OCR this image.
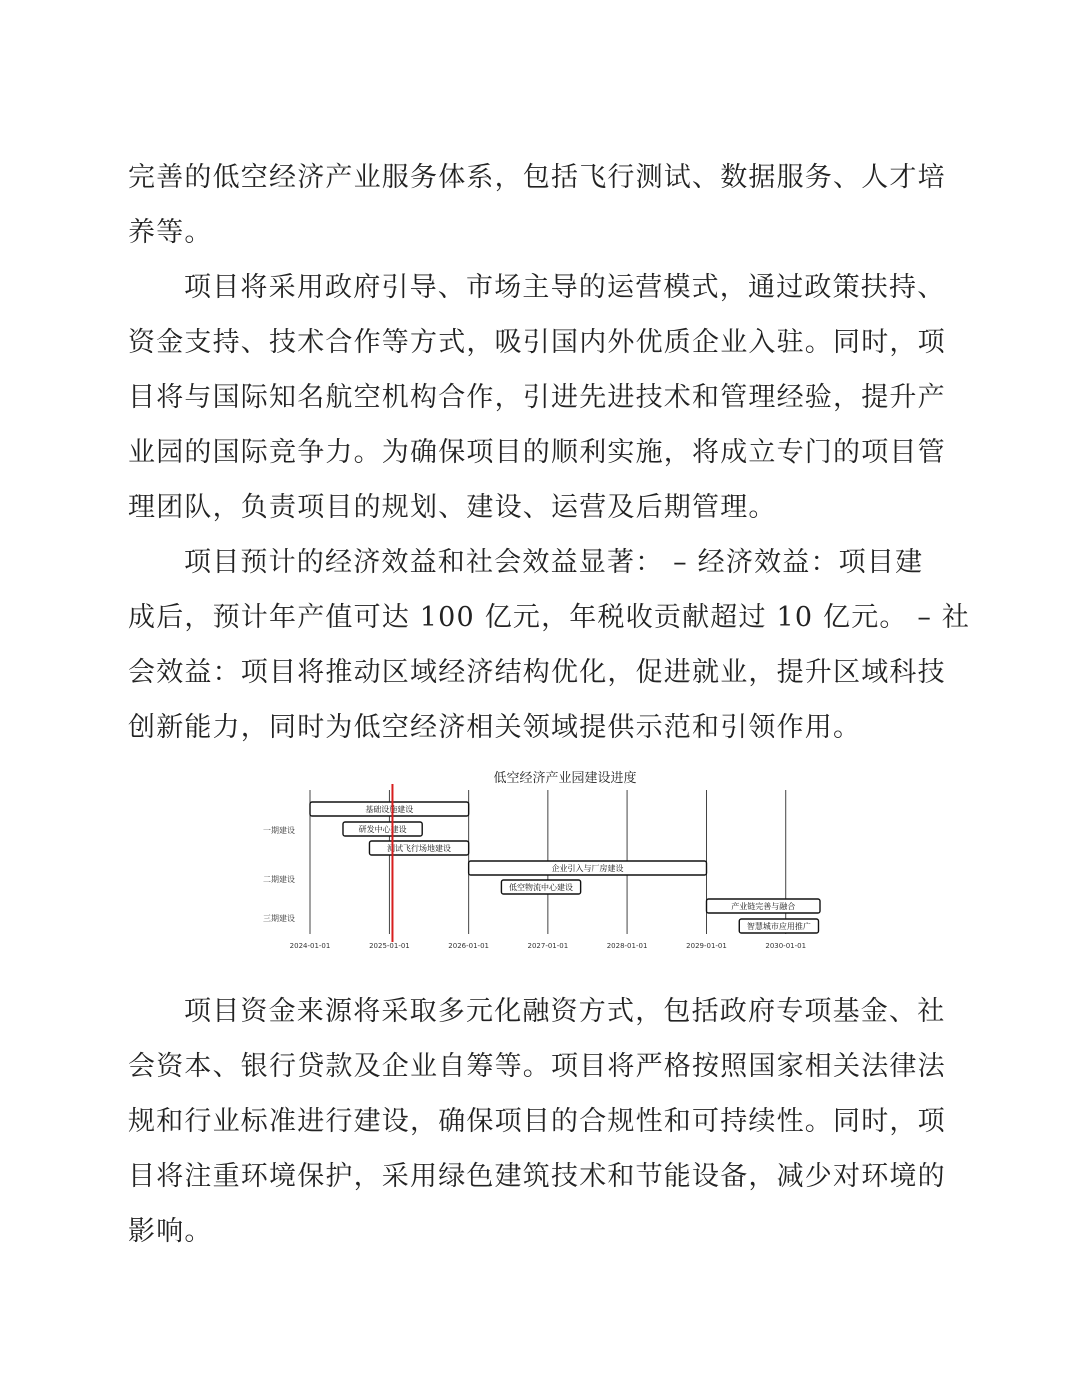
完善的低空经济产业服务体系，包括飞行测试、数据服务、人才培
养等。
项目将采用政府引导、市场主导的运营模式，通过政策扶持、
资金支持、技术合作等方式，吸引国内外优质企业入驻。同时，项
目将与国际知名航空机构合作，引进先进技术和管理经验，提升产
业园的国际竞争力。为确保项目的顺利实施，将成立专门的项目管
理团队，负责项目的规划、建设、运营及后期管理。
项目预计的经济效益和社会效益显著： – 经济效益：项目建
成后，预计年产值可达 100 亿元，年税收贡献超过 10 亿元。 – 社
会效益：项目将推动区域经济结构优化，促进就业，提升区域科技
创新能力，同时为低空经济相关领域提供示范和引领作用。
低空经济产业园建设进度
2024-01-01	2025-01-01	2026-01-01	2027-01-01	2028-01-01	2029-01-01	2030-01-01
一期建设
二期建设
三期建设
基础设施建设
研发中心建设
测试飞行场地建设
企业引入与厂房建设
低空物流中心建设
产业链完善与融合
智慧城市应用推广
项目资金来源将采取多元化融资方式，包括政府专项基金、社
会资本、银行贷款及企业自筹等。项目将严格按照国家相关法律法
规和行业标准进行建设，确保项目的合规性和可持续性。同时，项
目将注重环境保护，采用绿色建筑技术和节能设备，减少对环境的
影响。
